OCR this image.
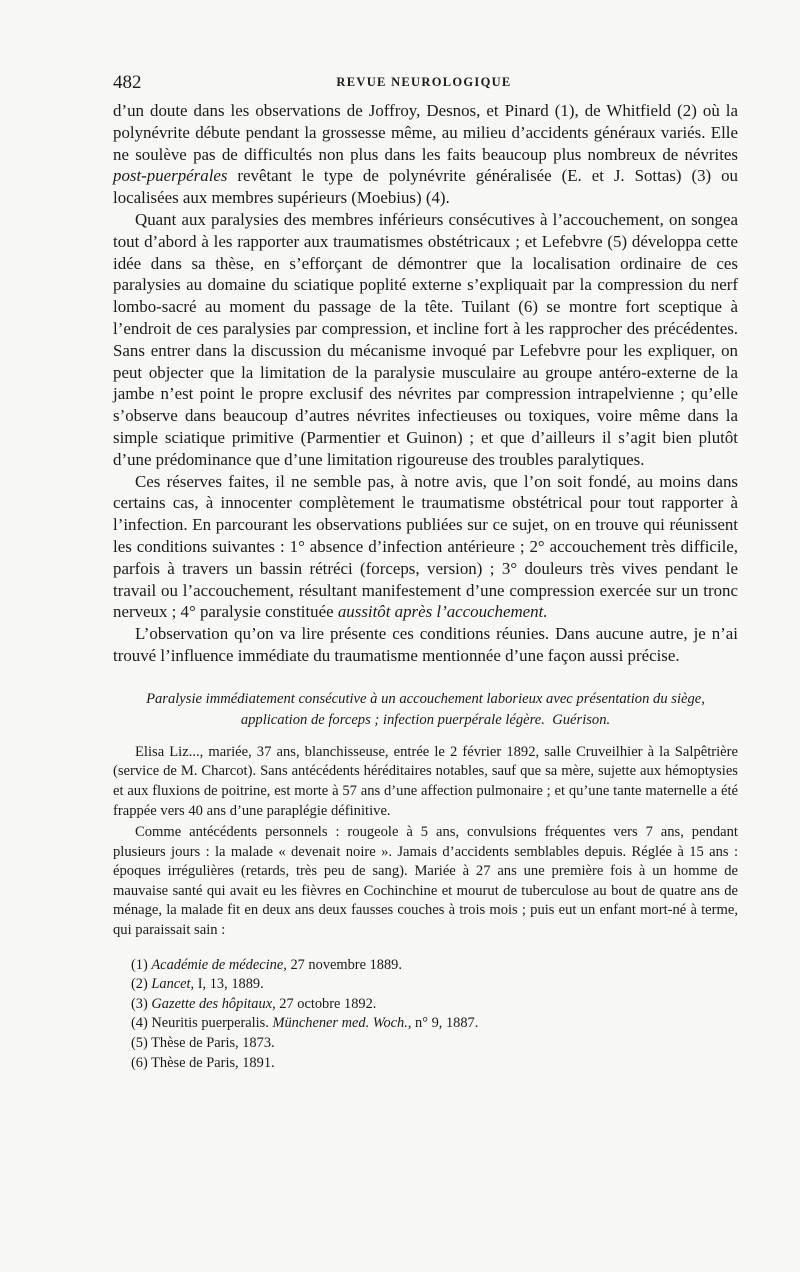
482	REVUE NEUROLOGIQUE

d’un doute dans les observations de Joffroy, Desnos, et Pinard (1), de Whitfield (2) où la polynévrite débute pendant la grossesse même, au milieu d’accidents généraux variés. Elle ne soulève pas de difficultés non plus dans les faits beaucoup plus nombreux de névrites post-puerpérales revêtant le type de polynévrite généralisée (E. et J. Sottas) (3) ou localisées aux membres supérieurs (Moebius) (4).

Quant aux paralysies des membres inférieurs consécutives à l’accouchement, on songea tout d’abord à les rapporter aux traumatismes obstétricaux ; et Lefebvre (5) développa cette idée dans sa thèse, en s’efforçant de démontrer que la localisation ordinaire de ces paralysies au domaine du sciatique poplité externe s’expliquait par la compression du nerf lombo-sacré au moment du passage de la tête. Tuilant (6) se montre fort sceptique à l’endroit de ces paralysies par compression, et incline fort à les rapprocher des précédentes. Sans entrer dans la discussion du mécanisme invoqué par Lefebvre pour les expliquer, on peut objecter que la limitation de la paralysie musculaire au groupe antéro-externe de la jambe n’est point le propre exclusif des névrites par compression intrapelvienne ; qu’elle s’observe dans beaucoup d’autres névrites infectieuses ou toxiques, voire même dans la simple sciatique primitive (Parmentier et Guinon) ; et que d’ailleurs il s’agit bien plutôt d’une prédominance que d’une limitation rigoureuse des troubles paralytiques.

Ces réserves faites, il ne semble pas, à notre avis, que l’on soit fondé, au moins dans certains cas, à innocenter complètement le traumatisme obstétrical pour tout rapporter à l’infection. En parcourant les observations publiées sur ce sujet, on en trouve qui réunissent les conditions suivantes : 1° absence d’infection antérieure ; 2° accouchement très difficile, parfois à travers un bassin rétréci (forceps, version) ; 3° douleurs très vives pendant le travail ou l’accouchement, résultant manifestement d’une compression exercée sur un tronc nerveux ; 4° paralysie constituée aussitôt après l’accouchement.

L’observation qu’on va lire présente ces conditions réunies. Dans aucune autre, je n’ai trouvé l’influence immédiate du traumatisme mentionnée d’une façon aussi précise.

Paralysie immédiatement consécutive à un accouchement laborieux avec présentation du siège,
application de forceps ; infection puerpérale légère. Guérison.

Elisa Liz..., mariée, 37 ans, blanchisseuse, entrée le 2 février 1892, salle Cruveilhier à la Salpêtrière (service de M. Charcot). Sans antécédents héréditaires notables, sauf que sa mère, sujette aux hémoptysies et aux fluxions de poitrine, est morte à 57 ans d’une affection pulmonaire ; et qu’une tante maternelle a été frappée vers 40 ans d’une paraplégie définitive.

Comme antécédents personnels : rougeole à 5 ans, convulsions fréquentes vers 7 ans, pendant plusieurs jours : la malade « devenait noire ». Jamais d’accidents semblables depuis. Réglée à 15 ans : époques irrégulières (retards, très peu de sang). Mariée à 27 ans une première fois à un homme de mauvaise santé qui avait eu les fièvres en Cochinchine et mourut de tuberculose au bout de quatre ans de ménage, la malade fit en deux ans deux fausses couches à trois mois ; puis eut un enfant mort-né à terme, qui paraissait sain :

(1) Académie de médecine, 27 novembre 1889.
(2) Lancet, I, 13, 1889.
(3) Gazette des hôpitaux, 27 octobre 1892.
(4) Neuritis puerperalis. Münchener med. Woch., n° 9, 1887.
(5) Thèse de Paris, 1873.
(6) Thèse de Paris, 1891.
